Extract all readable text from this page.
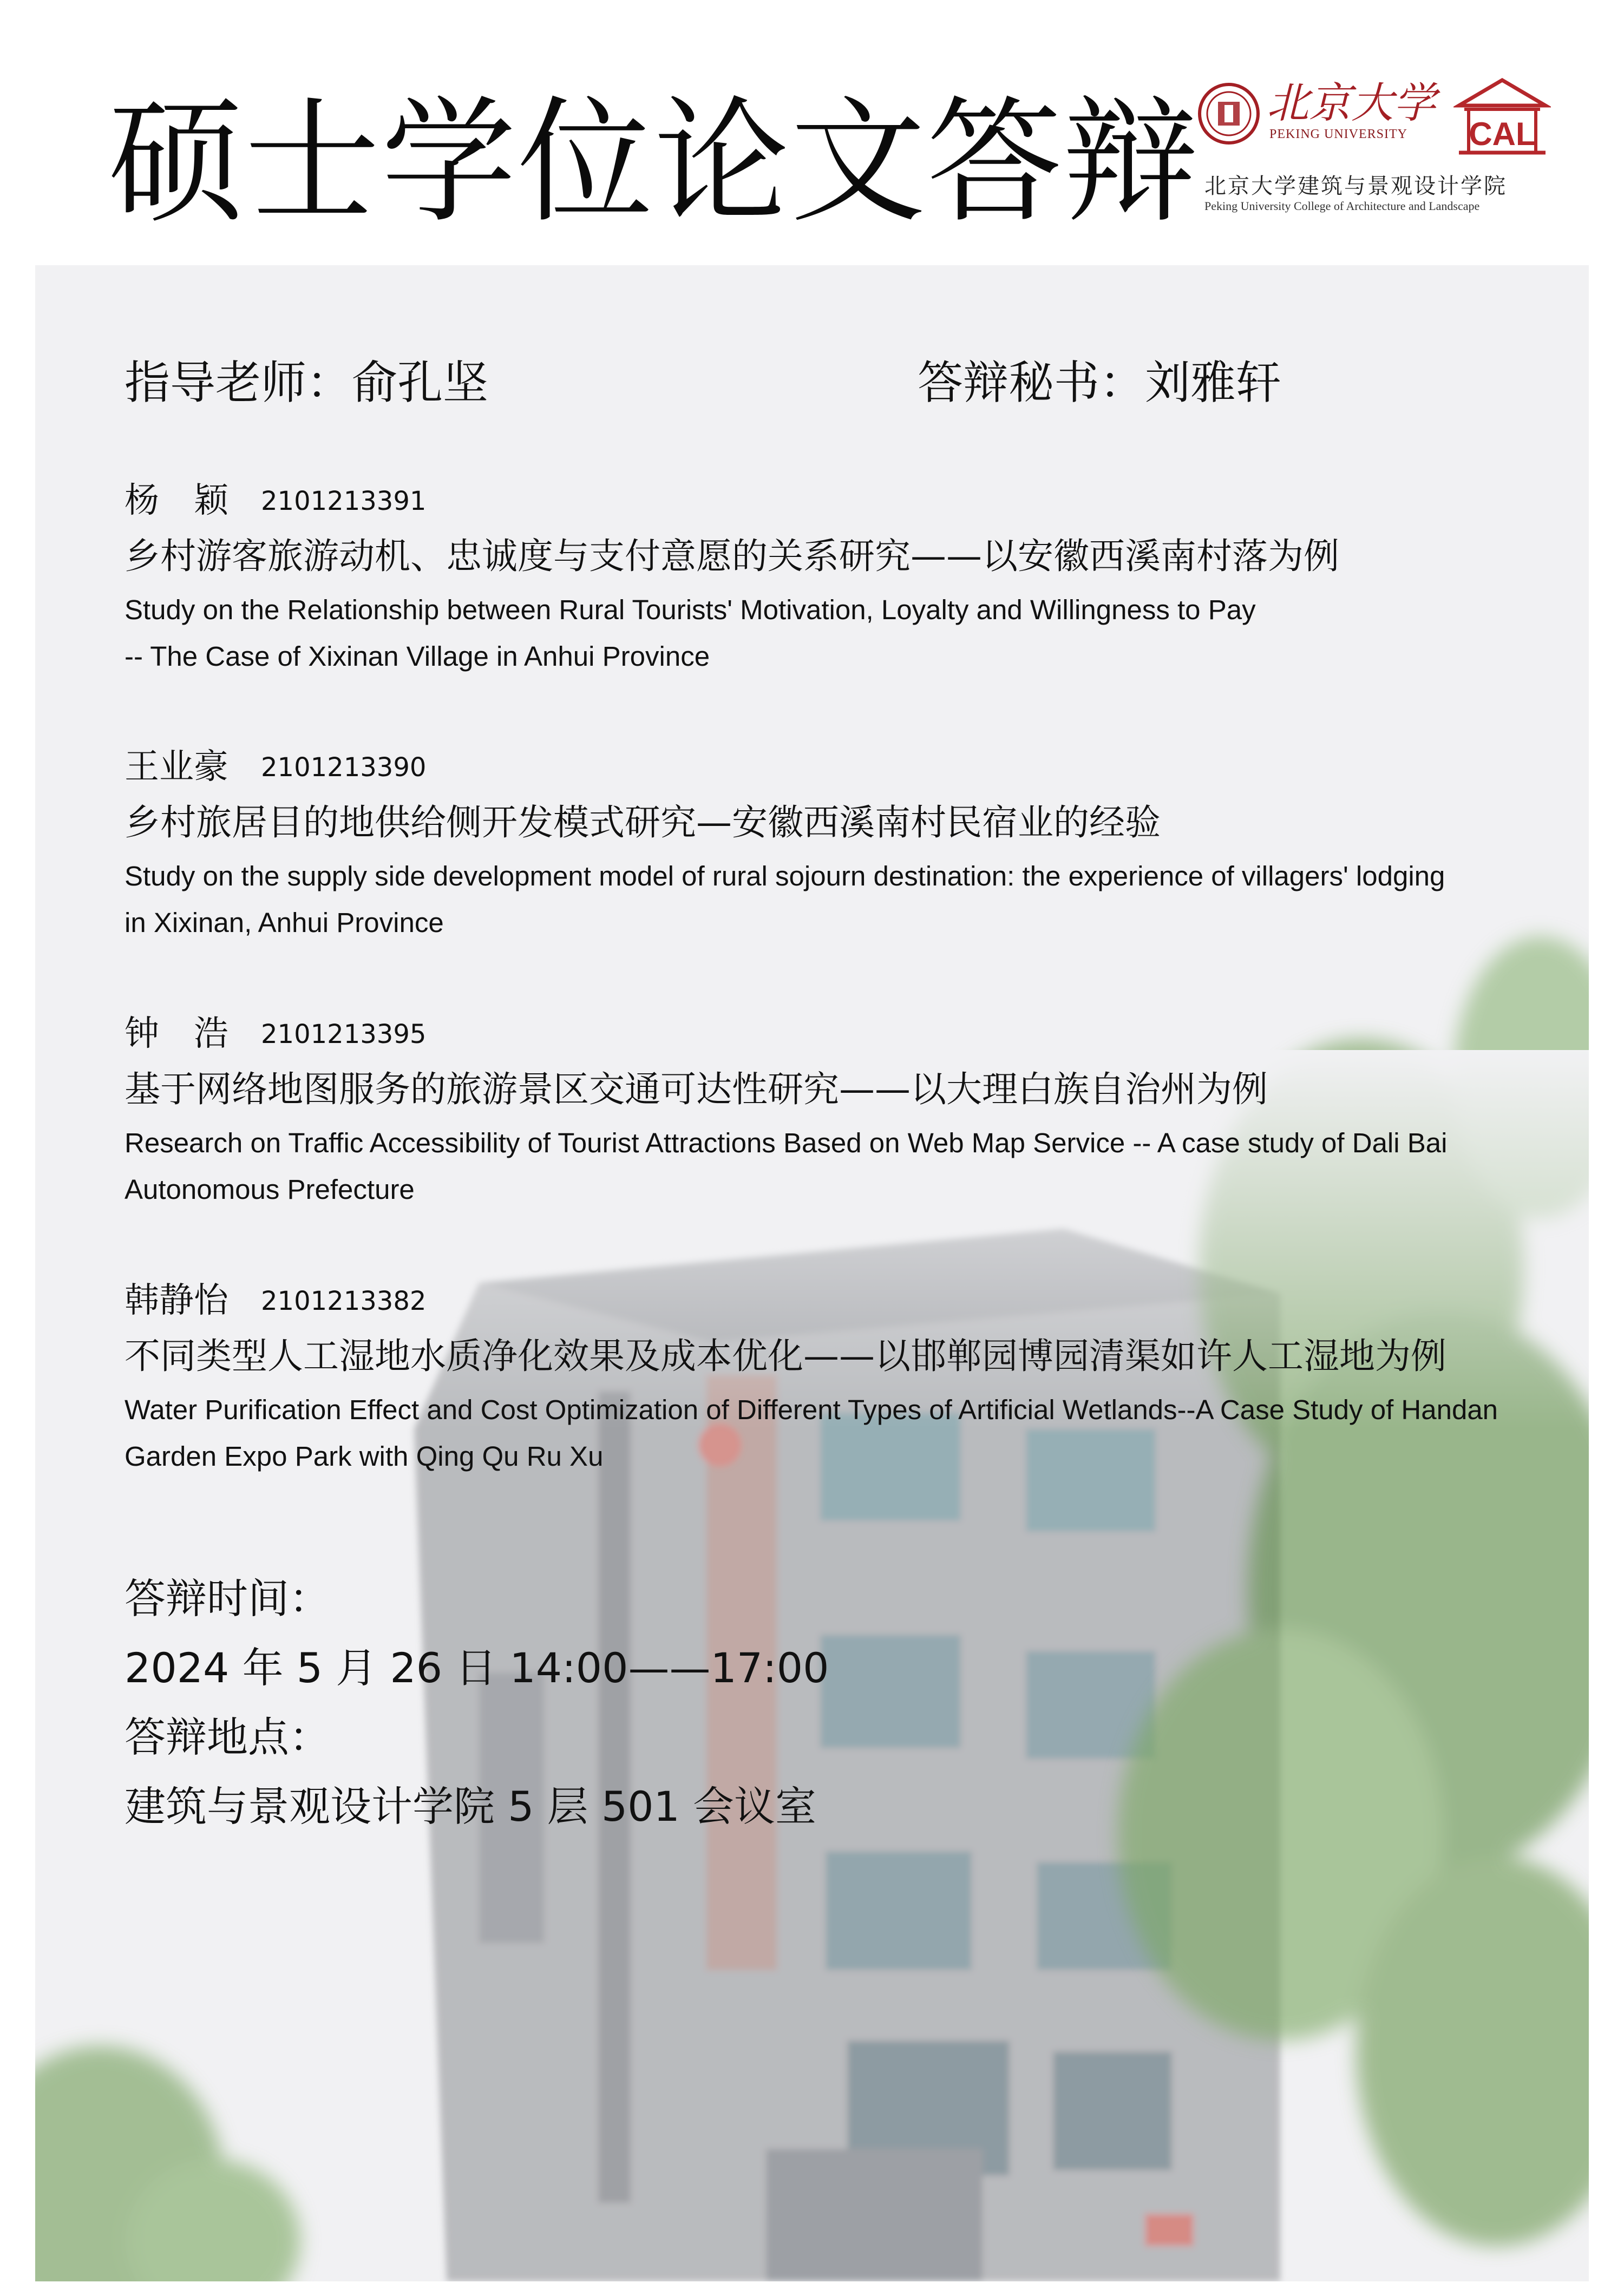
硕士学位论文答辩 北京大学
PEKING UNIVERSITY CAL
北京大学建筑与景观设计学院
Peking University College of Architecture and Landscape
指导老师：俞孔坚	答辩秘书：刘雅轩
杨　颖 2101213391
乡村游客旅游动机、忠诚度与支付意愿的关系研究——以安徽西溪南村落为例
Study on the Relationship between Rural Tourists' Motivation, Loyalty and Willingness to Pay
-- The Case of Xixinan Village in Anhui Province
王业豪 2101213390
乡村旅居目的地供给侧开发模式研究—安徽西溪南村民宿业的经验
Study on the supply side development model of rural sojourn destination: the experience of villagers' lodging
in Xixinan, Anhui Province
钟　浩 2101213395
基于网络地图服务的旅游景区交通可达性研究——以大理白族自治州为例
Research on Traffic Accessibility of Tourist Attractions Based on Web Map Service -- A case study of Dali Bai
Autonomous Prefecture
韩静怡 2101213382
不同类型人工湿地水质净化效果及成本优化——以邯郸园博园清渠如许人工湿地为例
Water Purification Effect and Cost Optimization of Different Types of Artificial Wetlands--A Case Study of Handan
Garden Expo Park with Qing Qu Ru Xu
答辩时间：
2024 年 5 月 26 日 14:00——17:00
答辩地点：
建筑与景观设计学院 5 层 501 会议室
